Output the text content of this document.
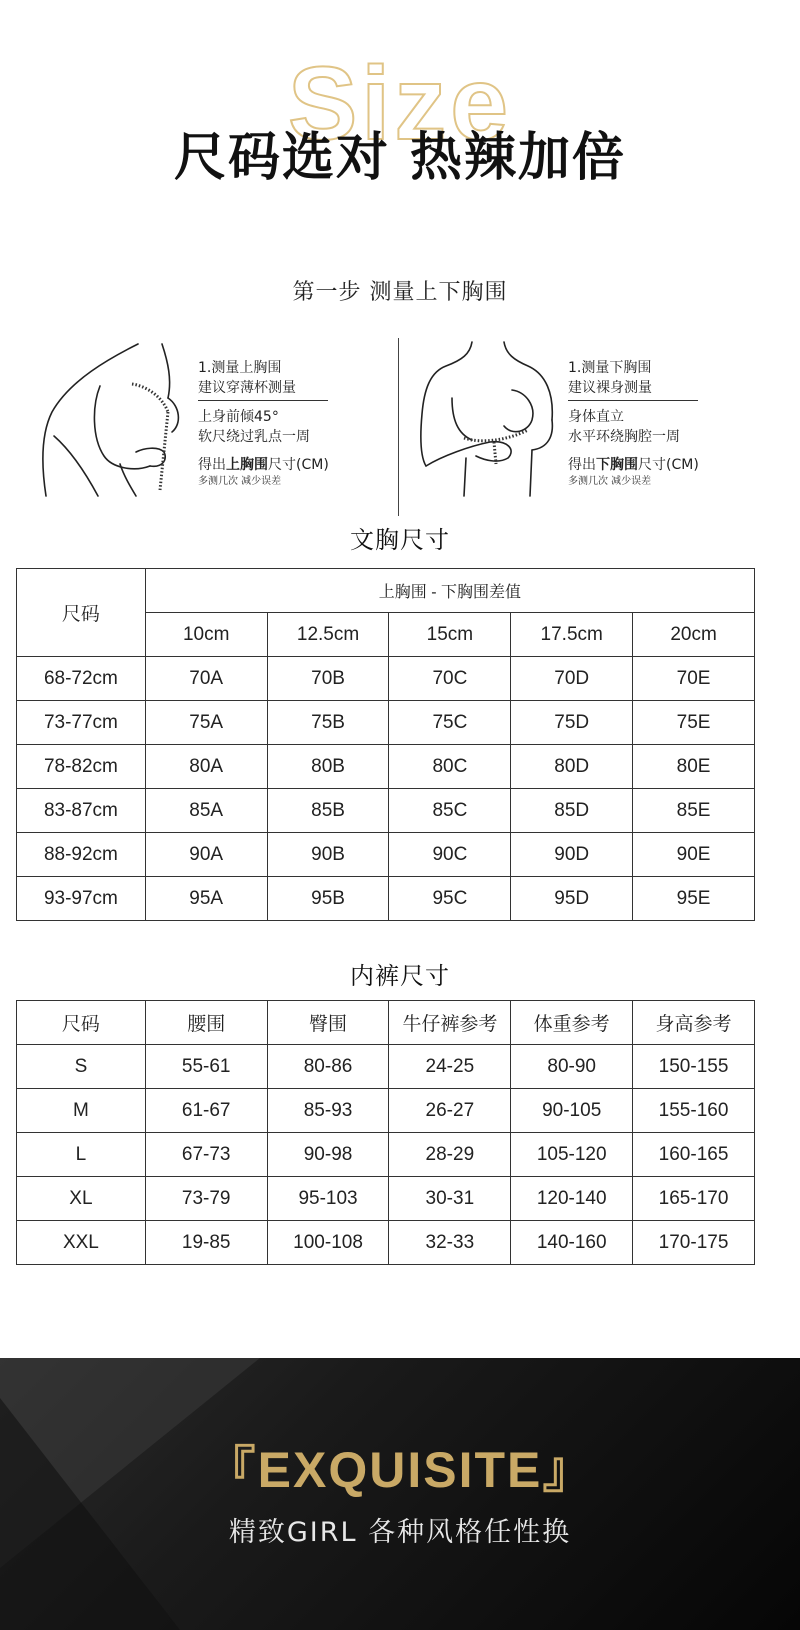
Size
尺码选对 热辣加倍
第一步 测量上下胸围
1.测量上胸围
建议穿薄杯测量
上身前倾45°
软尺绕过乳点一周
得出上胸围尺寸(CM)
多测几次 减少误差
1.测量下胸围
建议裸身测量
身体直立
水平环绕胸腔一周
得出下胸围尺寸(CM)
多测几次 减少误差
文胸尺寸
尺码	上胸围 - 下胸围差值				
	10cm	12.5cm	15cm	17.5cm	20cm
68-72cm	70A	70B	70C	70D	70E
73-77cm	75A	75B	75C	75D	75E
78-82cm	80A	80B	80C	80D	80E
83-87cm	85A	85B	85C	85D	85E
88-92cm	90A	90B	90C	90D	90E
93-97cm	95A	95B	95C	95D	95E
内裤尺寸
尺码	腰围	臀围	牛仔裤参考	体重参考	身高参考
S	55-61	80-86	24-25	80-90	150-155
M	61-67	85-93	26-27	90-105	155-160
L	67-73	90-98	28-29	105-120	160-165
XL	73-79	95-103	30-31	120-140	165-170
XXL	19-85	100-108	32-33	140-160	170-175
『EXQUISITE』
精致GIRL 各种风格任性换
